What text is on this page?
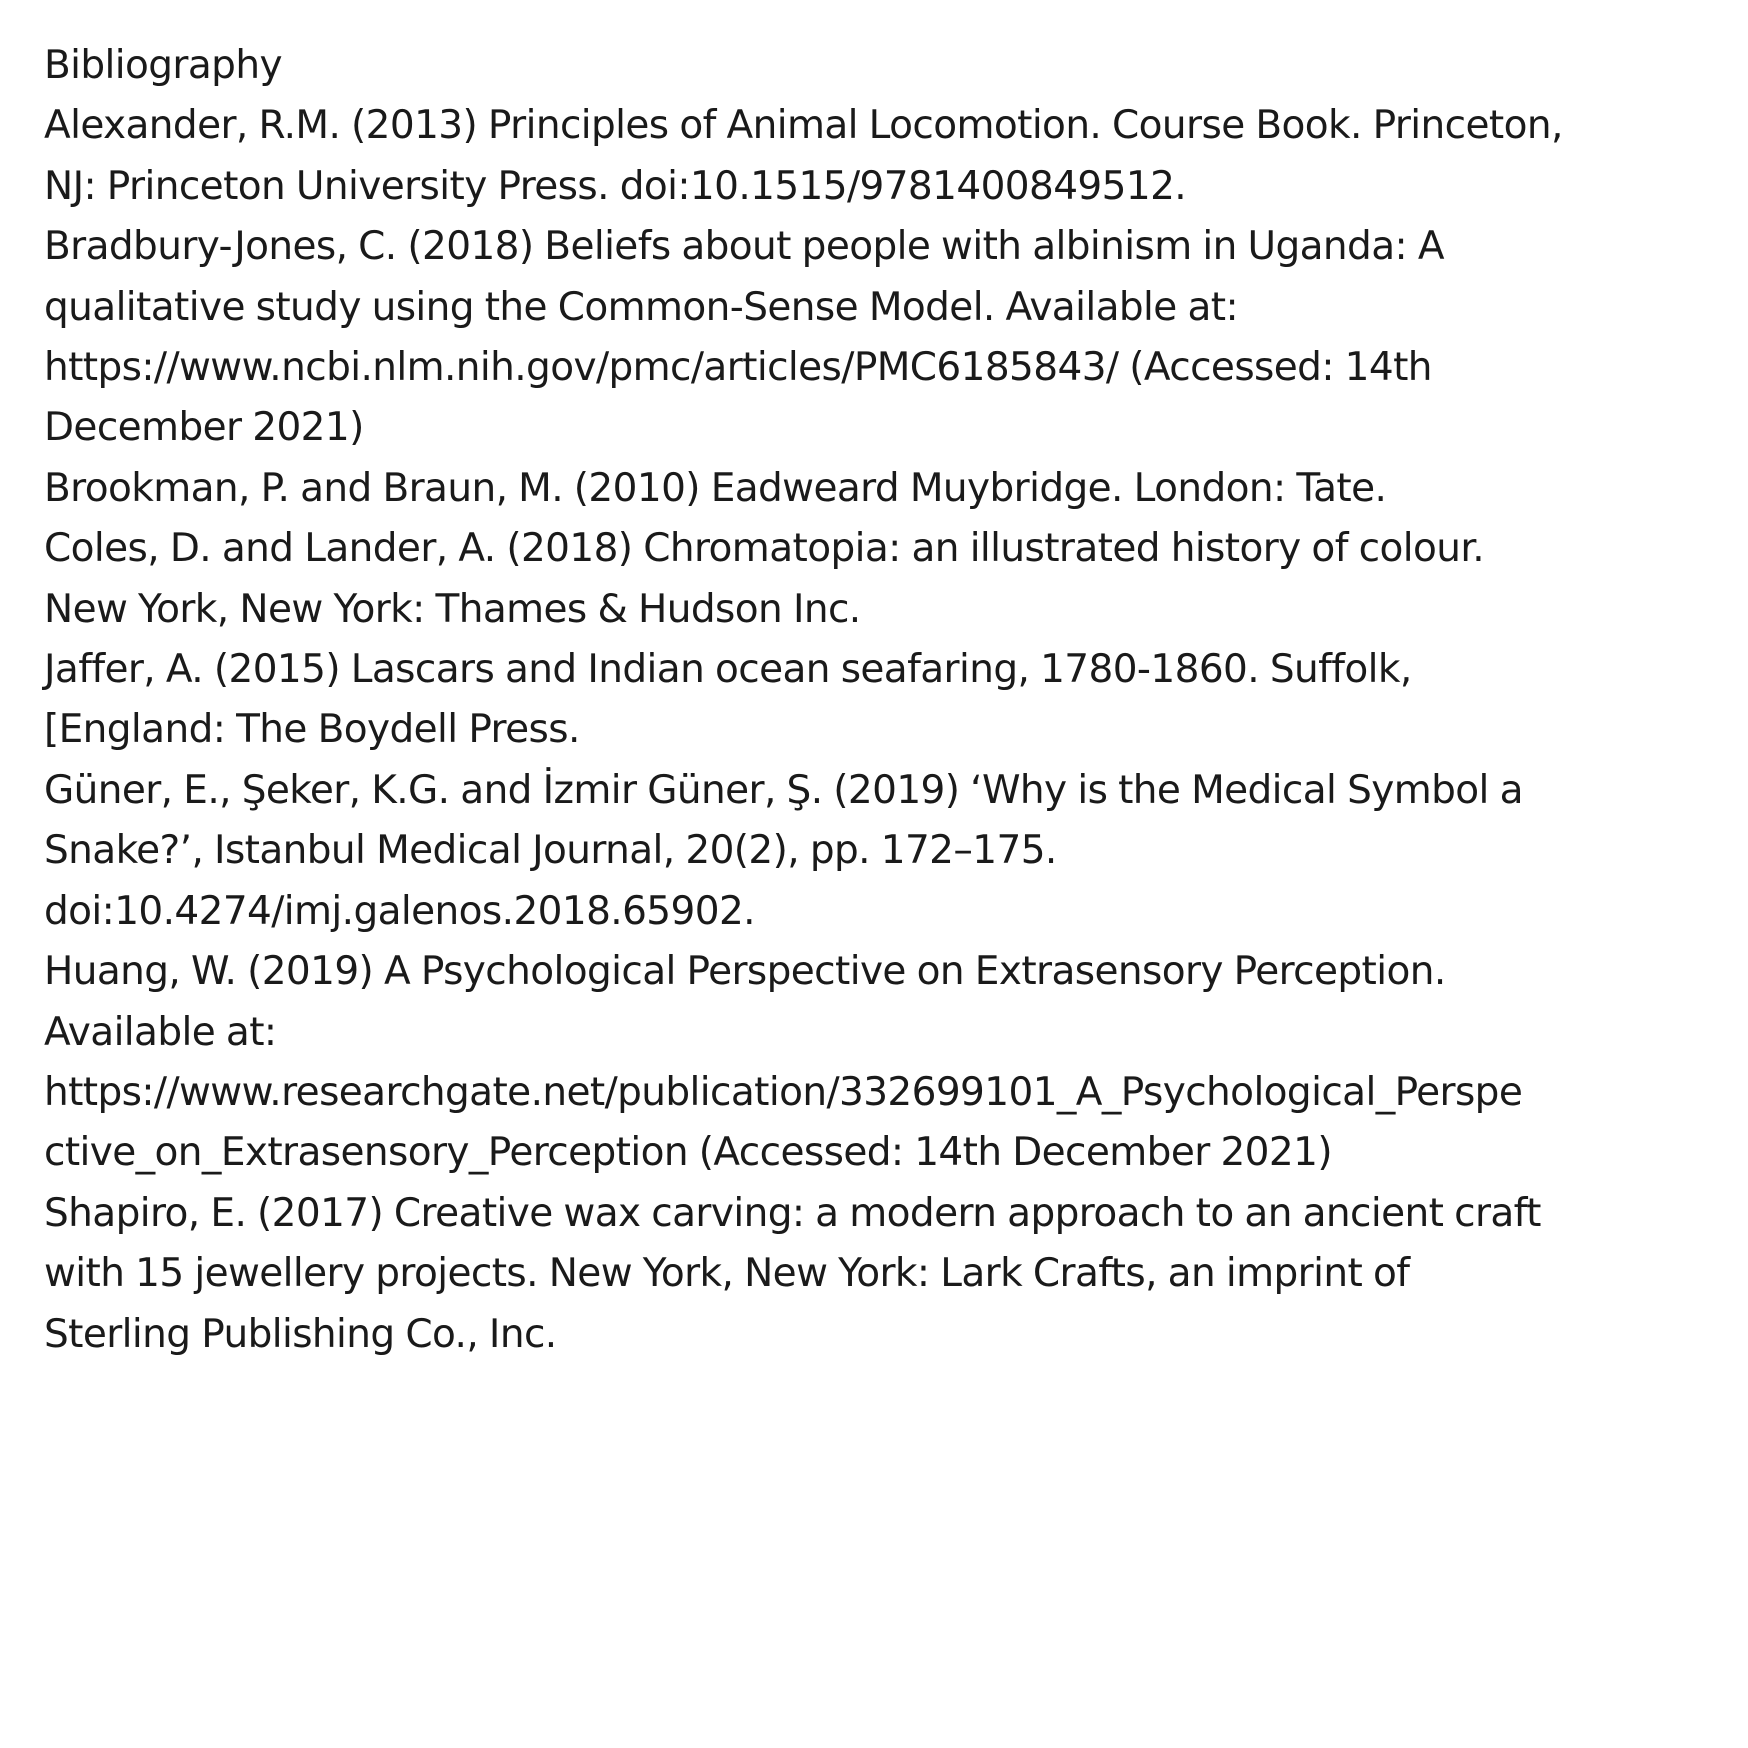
Bibliography
Alexander, R.M. (2013) Principles of Animal Locomotion. Course Book. Princeton,
NJ: Princeton University Press. doi:10.1515/9781400849512.
Bradbury-Jones, C. (2018) Beliefs about people with albinism in Uganda: A
qualitative study using the Common-Sense Model. Available at:
https://www.ncbi.nlm.nih.gov/pmc/articles/PMC6185843/ (Accessed: 14th
December 2021)
Brookman, P. and Braun, M. (2010) Eadweard Muybridge. London: Tate.
Coles, D. and Lander, A. (2018) Chromatopia: an illustrated history of colour.
New York, New York: Thames & Hudson Inc.
Jaffer, A. (2015) Lascars and Indian ocean seafaring, 1780-1860. Suffolk,
[England: The Boydell Press.
Güner, E., Şeker, K.G. and İzmir Güner, Ş. (2019) ‘Why is the Medical Symbol a
Snake?’, Istanbul Medical Journal, 20(2), pp. 172–175.
doi:10.4274/imj.galenos.2018.65902.
Huang, W. (2019) A Psychological Perspective on Extrasensory Perception.
Available at:
https://www.researchgate.net/publication/332699101_A_Psychological_Perspe
ctive_on_Extrasensory_Perception (Accessed: 14th December 2021)
Shapiro, E. (2017) Creative wax carving: a modern approach to an ancient craft
with 15 jewellery projects. New York, New York: Lark Crafts, an imprint of
Sterling Publishing Co., Inc.
